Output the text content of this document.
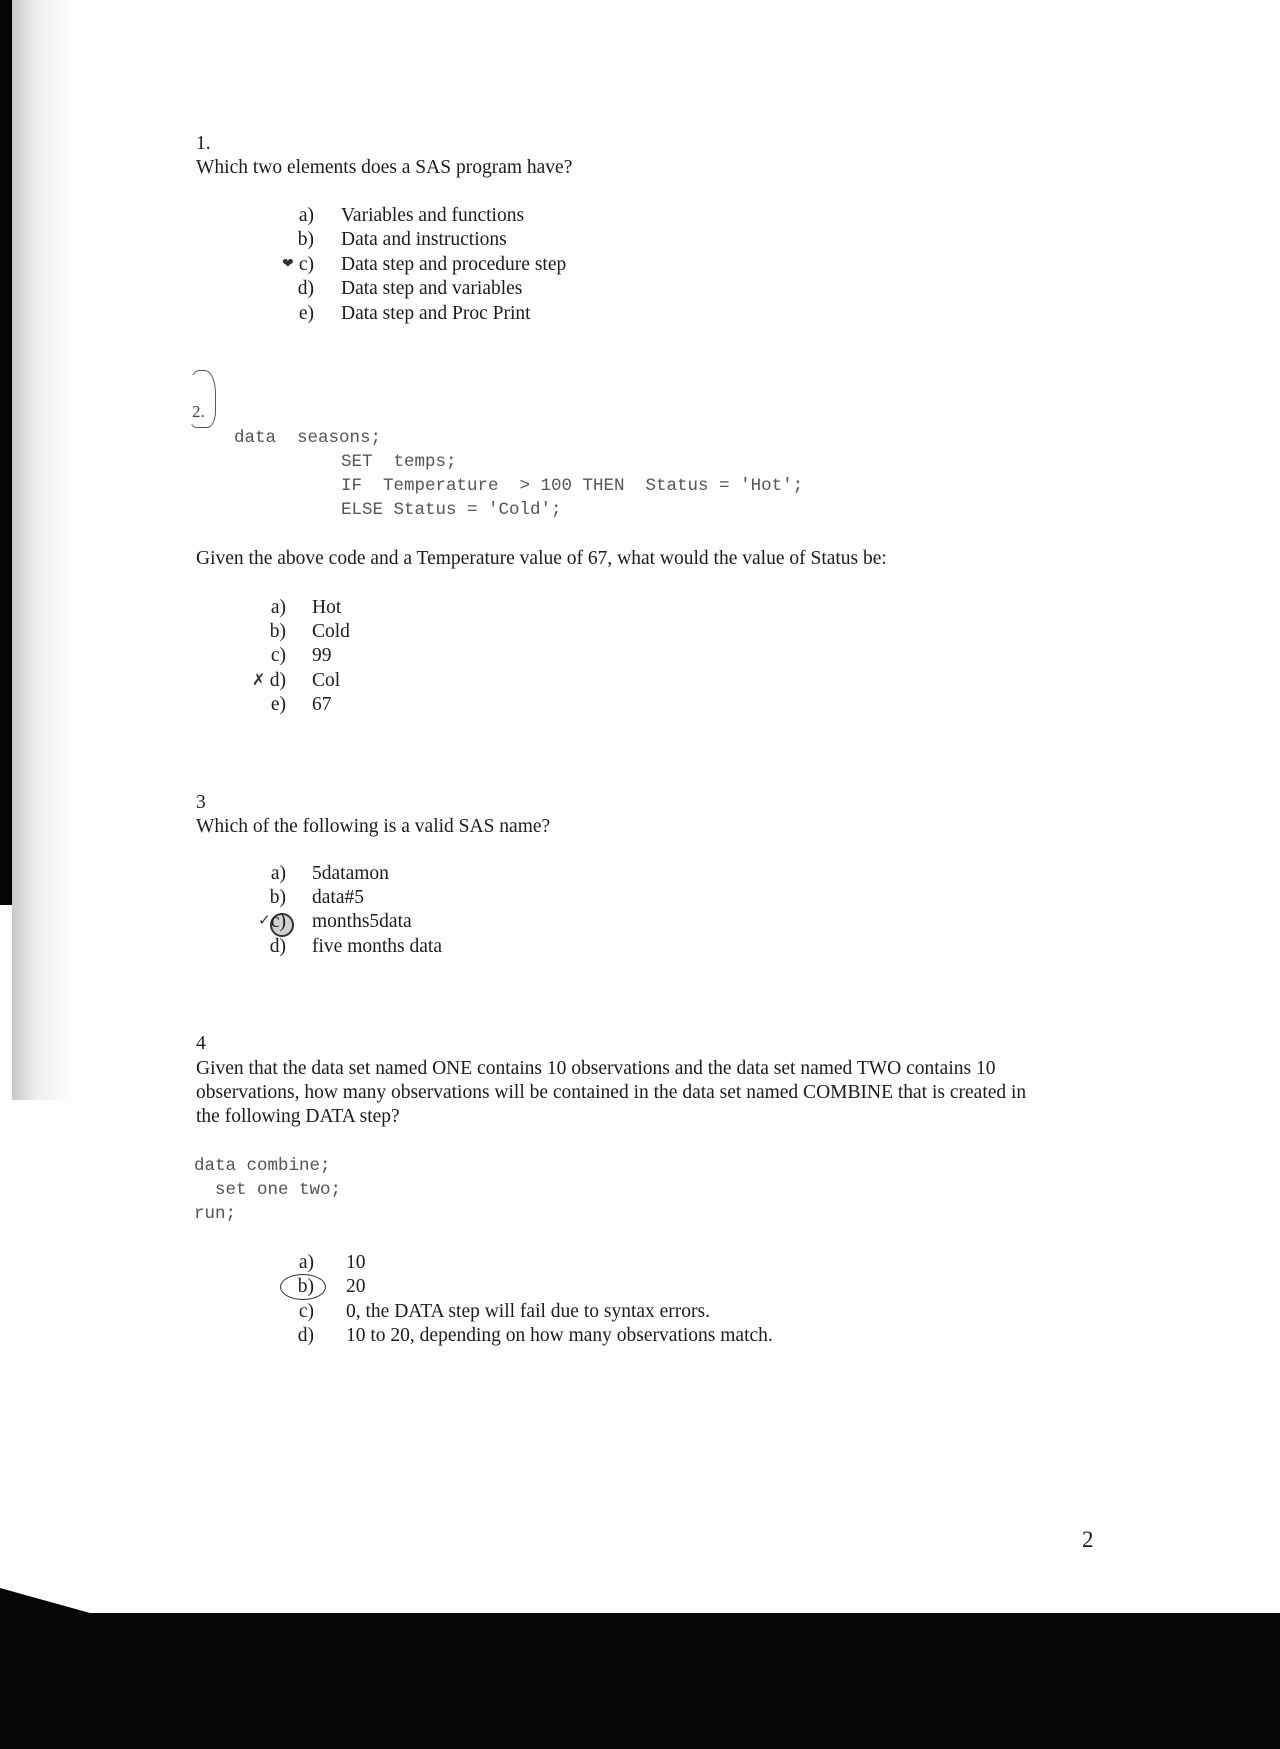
1.
Which two elements does a SAS program have?
a) Variables and functions
b) Data and instructions
❤ c) Data step and procedure step
d) Data step and variables
e) Data step and Proc Print
2.
data  seasons;
SET  temps;
IF  Temperature  > 100 THEN  Status = 'Hot';
ELSE Status = 'Cold';
Given the above code and a Temperature value of 67, what would the value of Status be:
a) Hot
b) Cold
c) 99
✗ d) Col
e) 67
3
Which of the following is a valid SAS name?
a) 5datamon
b) data#5
✓ c) months5data
d) five months data
4
Given that the data set named ONE contains 10 observations and the data set named TWO contains 10
observations, how many observations will be contained in the data set named COMBINE that is created in
the following DATA step?
data combine;
set one two;
run;
a) 10
b) 20
c) 0, the DATA step will fail due to syntax errors.
d) 10 to 20, depending on how many observations match.
2
